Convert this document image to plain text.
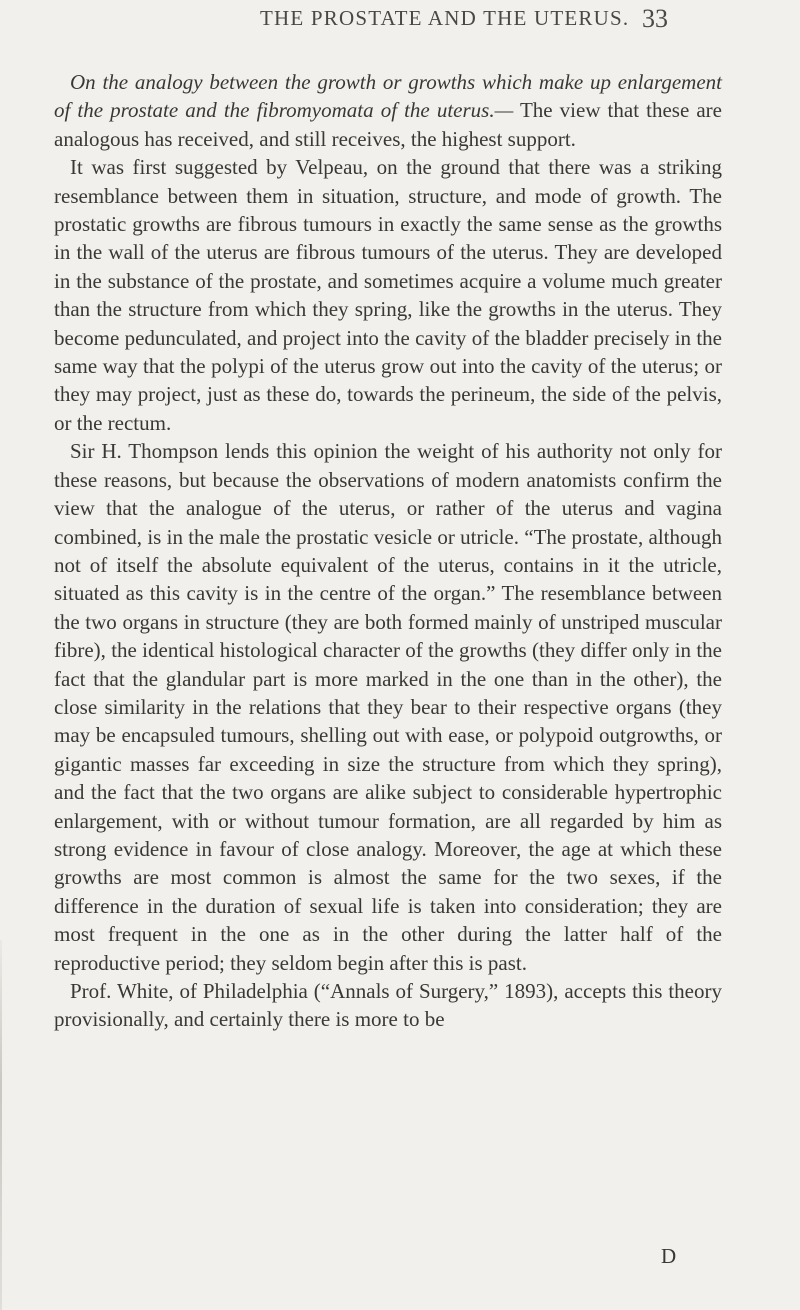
THE PROSTATE AND THE UTERUS. 33

On the analogy between the growth or growths which make up enlargement of the prostate and the fibromyomata of the uterus.— The view that these are analogous has received, and still receives, the highest support.

It was first suggested by Velpeau, on the ground that there was a striking resemblance between them in situation, structure, and mode of growth. The prostatic growths are fibrous tumours in exactly the same sense as the growths in the wall of the uterus are fibrous tumours of the uterus. They are developed in the substance of the prostate, and sometimes acquire a volume much greater than the structure from which they spring, like the growths in the uterus. They become pedunculated, and project into the cavity of the bladder precisely in the same way that the polypi of the uterus grow out into the cavity of the uterus; or they may project, just as these do, towards the perineum, the side of the pelvis, or the rectum.

Sir H. Thompson lends this opinion the weight of his authority not only for these reasons, but because the observations of modern anatomists confirm the view that the analogue of the uterus, or rather of the uterus and vagina combined, is in the male the prostatic vesicle or utricle. “The prostate, although not of itself the absolute equivalent of the uterus, contains in it the utricle, situated as this cavity is in the centre of the organ.” The resemblance between the two organs in structure (they are both formed mainly of unstriped muscular fibre), the identical histological character of the growths (they differ only in the fact that the glandular part is more marked in the one than in the other), the close similarity in the relations that they bear to their respective organs (they may be encapsuled tumours, shelling out with ease, or polypoid outgrowths, or gigantic masses far exceeding in size the structure from which they spring), and the fact that the two organs are alike subject to considerable hypertrophic enlargement, with or without tumour formation, are all regarded by him as strong evidence in favour of close analogy. Moreover, the age at which these growths are most common is almost the same for the two sexes, if the difference in the duration of sexual life is taken into consideration; they are most frequent in the one as in the other during the latter half of the reproductive period; they seldom begin after this is past.

Prof. White, of Philadelphia (“Annals of Surgery,” 1893), accepts this theory provisionally, and certainly there is more to be

D
